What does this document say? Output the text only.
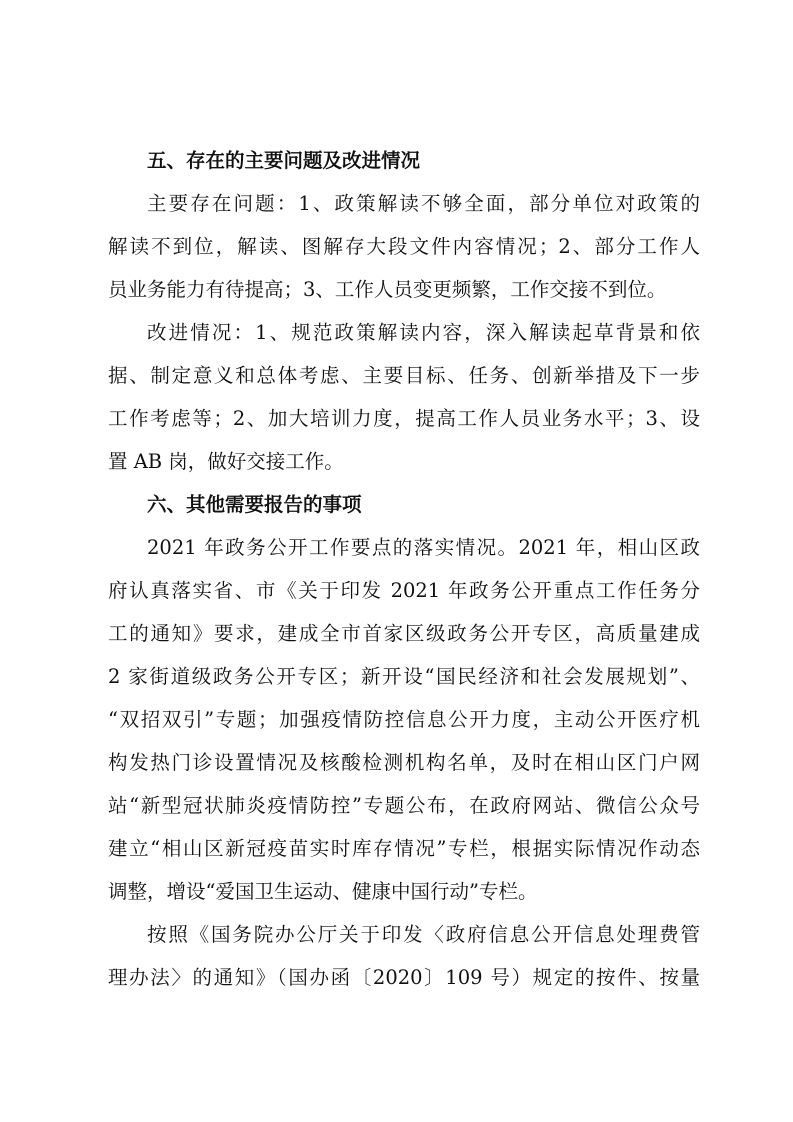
五、存在的主要问题及改进情况

主要存在问题：1、政策解读不够全面，部分单位对政策的
解读不到位，解读、图解存大段文件内容情况；2、部分工作人
员业务能力有待提高；3、工作人员变更频繁，工作交接不到位。

改进情况：1、规范政策解读内容，深入解读起草背景和依
据、制定意义和总体考虑、主要目标、任务、创新举措及下一步
工作考虑等；2、加大培训力度，提高工作人员业务水平；3、设
置 AB 岗，做好交接工作。

六、其他需要报告的事项

2021 年政务公开工作要点的落实情况。2021 年，相山区政
府认真落实省、市《关于印发 2021 年政务公开重点工作任务分
工的通知》要求，建成全市首家区级政务公开专区，高质量建成
2 家街道级政务公开专区；新开设“国民经济和社会发展规划”、
“双招双引”专题；加强疫情防控信息公开力度，主动公开医疗机
构发热门诊设置情况及核酸检测机构名单，及时在相山区门户网
站“新型冠状肺炎疫情防控”专题公布，在政府网站、微信公众号
建立“相山区新冠疫苗实时库存情况”专栏，根据实际情况作动态
调整，增设“爱国卫生运动、健康中国行动”专栏。

按照《国务院办公厅关于印发〈政府信息公开信息处理费管
理办法〉的通知》（国办函〔2020〕109 号）规定的按件、按量
